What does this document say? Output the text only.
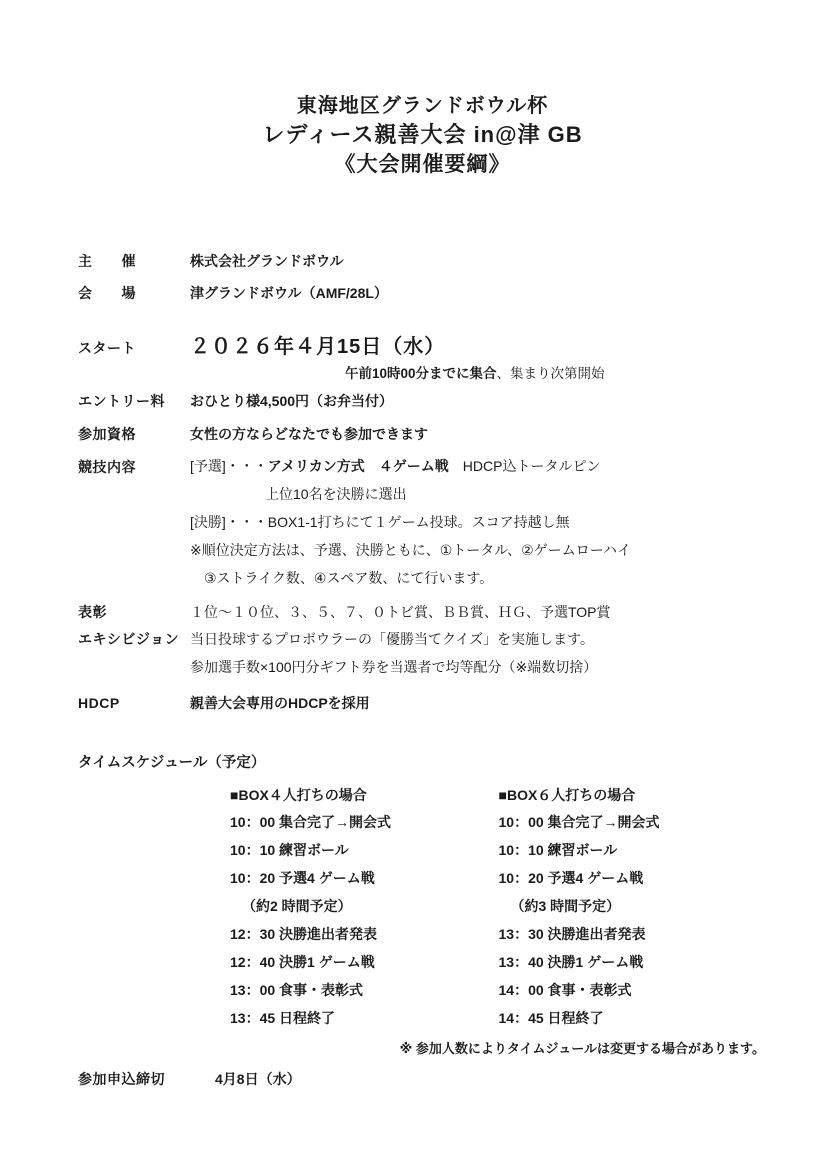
東海地区グランドボウル杯
レディース親善大会 in@津 GB
《大会開催要綱》
主　　催	株式会社グランドボウル
会　　場	津グランドボウル（AMF/28L）
スタート	２０２６年４月15日（水）
午前10時00分までに集合、集まり次第開始
エントリー料	おひとり様4,500円（お弁当付）
参加資格	女性の方ならどなたでも参加できます
競技内容	[予選]・・・アメリカン方式　４ゲーム戦　HDCP込トータルピン
上位10名を決勝に選出
[決勝]・・・BOX1-1打ちにて１ゲーム投球。スコア持越し無
※順位決定方法は、予選、決勝ともに、①トータル、②ゲームローハイ
③ストライク数、④スペア数、にて行います。
表彰	１位～１０位、３、５、７、０トビ賞、ＢＢ賞、ＨＧ、予選TOP賞
エキシビジョン 当日投球するプロボウラーの「優勝当てクイズ」を実施します。
参加選手数×100円分ギフト券を当選者で均等配分（※端数切捨）
HDCP	親善大会専用のHDCPを採用
タイムスケジュール（予定）
■BOX４人打ちの場合
10：00 集合完了→開会式
10：10 練習ボール
10：20 予選4 ゲーム戦
（約2 時間予定）
12：30 決勝進出者発表
12：40 決勝1 ゲーム戦
13：00 食事・表彰式
13：45 日程終了
■BOX６人打ちの場合
10：00 集合完了→開会式
10：10 練習ボール
10：20 予選4 ゲーム戦
（約3 時間予定）
13：30 決勝進出者発表
13：40 決勝1 ゲーム戦
14：00 食事・表彰式
14：45 日程終了
※ 参加人数によりタイムジュールは変更する場合があります。
参加申込締切	4月8日（水）
